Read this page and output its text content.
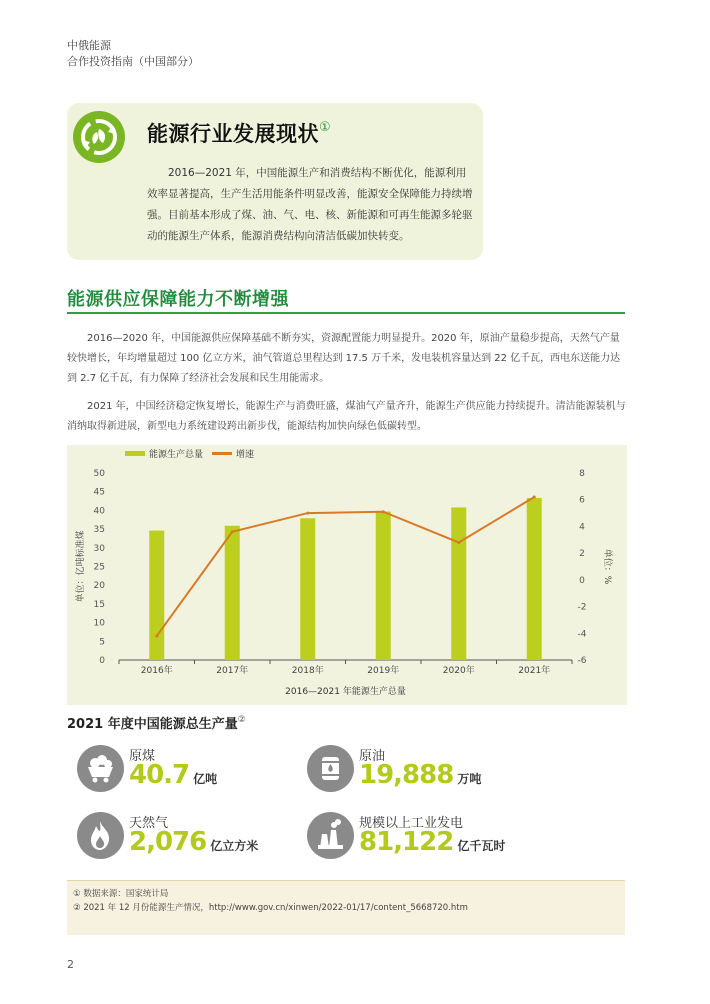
中俄能源
合作投资指南（中国部分）
能源行业发展现状①
2016—2021 年，中国能源生产和消费结构不断优化，能源利用效率显著提高，生产生活用能条件明显改善，能源安全保障能力持续增强。目前基本形成了煤、油、气、电、核、新能源和可再生能源多轮驱动的能源生产体系，能源消费结构向清洁低碳加快转变。
能源供应保障能力不断增强
2016—2020 年，中国能源供应保障基础不断夯实，资源配置能力明显提升。2020 年，原油产量稳步提高，天然气产量较快增长，年均增量超过 100 亿立方米，油气管道总里程达到 17.5 万千米，发电装机容量达到 22 亿千瓦，西电东送能力达到 2.7 亿千瓦，有力保障了经济社会发展和民生用能需求。
2021 年，中国经济稳定恢复增长，能源生产与消费旺盛，煤油气产量齐升，能源生产供应能力持续提升。清洁能源装机与消纳取得新进展，新型电力系统建设跨出新步伐，能源结构加快向绿色低碳转型。
0
5
10
15
20
25
30
35
40
45
50
-6
-4
-2
0
2
4
6
8
单位：亿吨标准煤	单位：%
2016年	2017年	2018年	2019年	2020年	2021年
2016—2021 年能源生产总量
能源生产总量	增速
2021 年度中国能源总生产量②
原煤
40.7 亿吨
原油
19,888 万吨
天然气
2,076 亿立方米
规模以上工业发电
81,122 亿千瓦时
① 数据来源：国家统计局
② 2021 年 12 月份能源生产情况，http://www.gov.cn/xinwen/2022-01/17/content_5668720.htm
2
